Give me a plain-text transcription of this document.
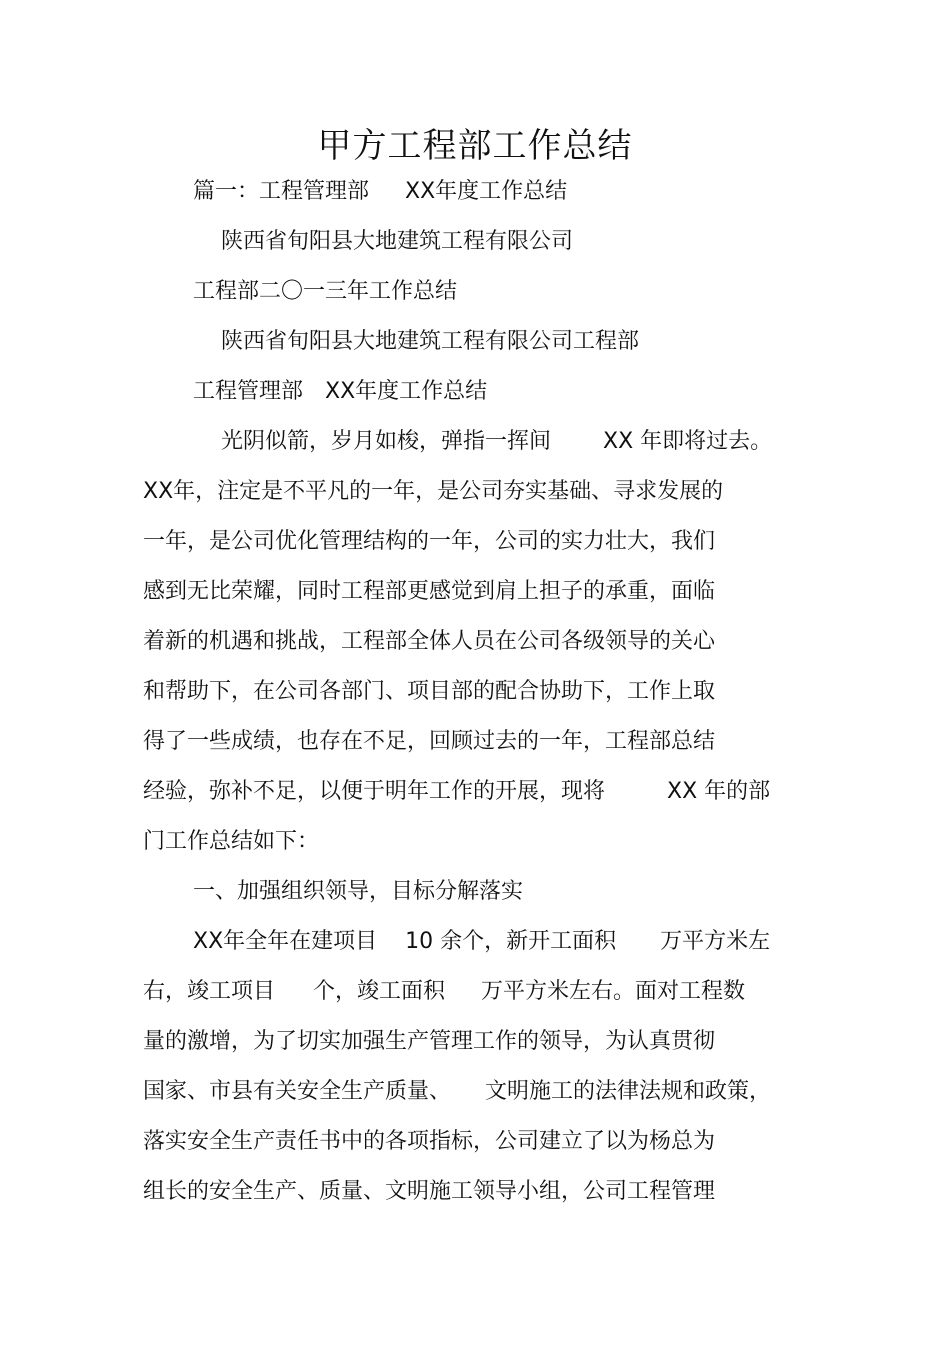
甲方工程部工作总结
篇一：工程管理部 XX年度工作总结
陕西省旬阳县大地建筑工程有限公司
工程部二〇一三年工作总结
陕西省旬阳县大地建筑工程有限公司工程部
工程管理部 XX年度工作总结
光阴似箭，岁月如梭，弹指一挥间 XX 年即将过去。
XX年，注定是不平凡的一年，是公司夯实基础、寻求发展的
一年，是公司优化管理结构的一年，公司的实力壮大，我们
感到无比荣耀，同时工程部更感觉到肩上担子的承重，面临
着新的机遇和挑战，工程部全体人员在公司各级领导的关心
和帮助下，在公司各部门、项目部的配合协助下，工作上取
得了一些成绩，也存在不足，回顾过去的一年，工程部总结
经验，弥补不足，以便于明年工作的开展，现将	XX 年的部
门工作总结如下：
一、加强组织领导，目标分解落实
XX年全年在建项目 10 余个，新开工面积 万平方米左
右，竣工项目 个，竣工面积 万平方米左右。面对工程数
量的激增，为了切实加强生产管理工作的领导，为认真贯彻
国家、市县有关安全生产质量、 文明施工的法律法规和政策，
落实安全生产责任书中的各项指标，公司建立了以为杨总为
组长的安全生产、质量、文明施工领导小组，公司工程管理
